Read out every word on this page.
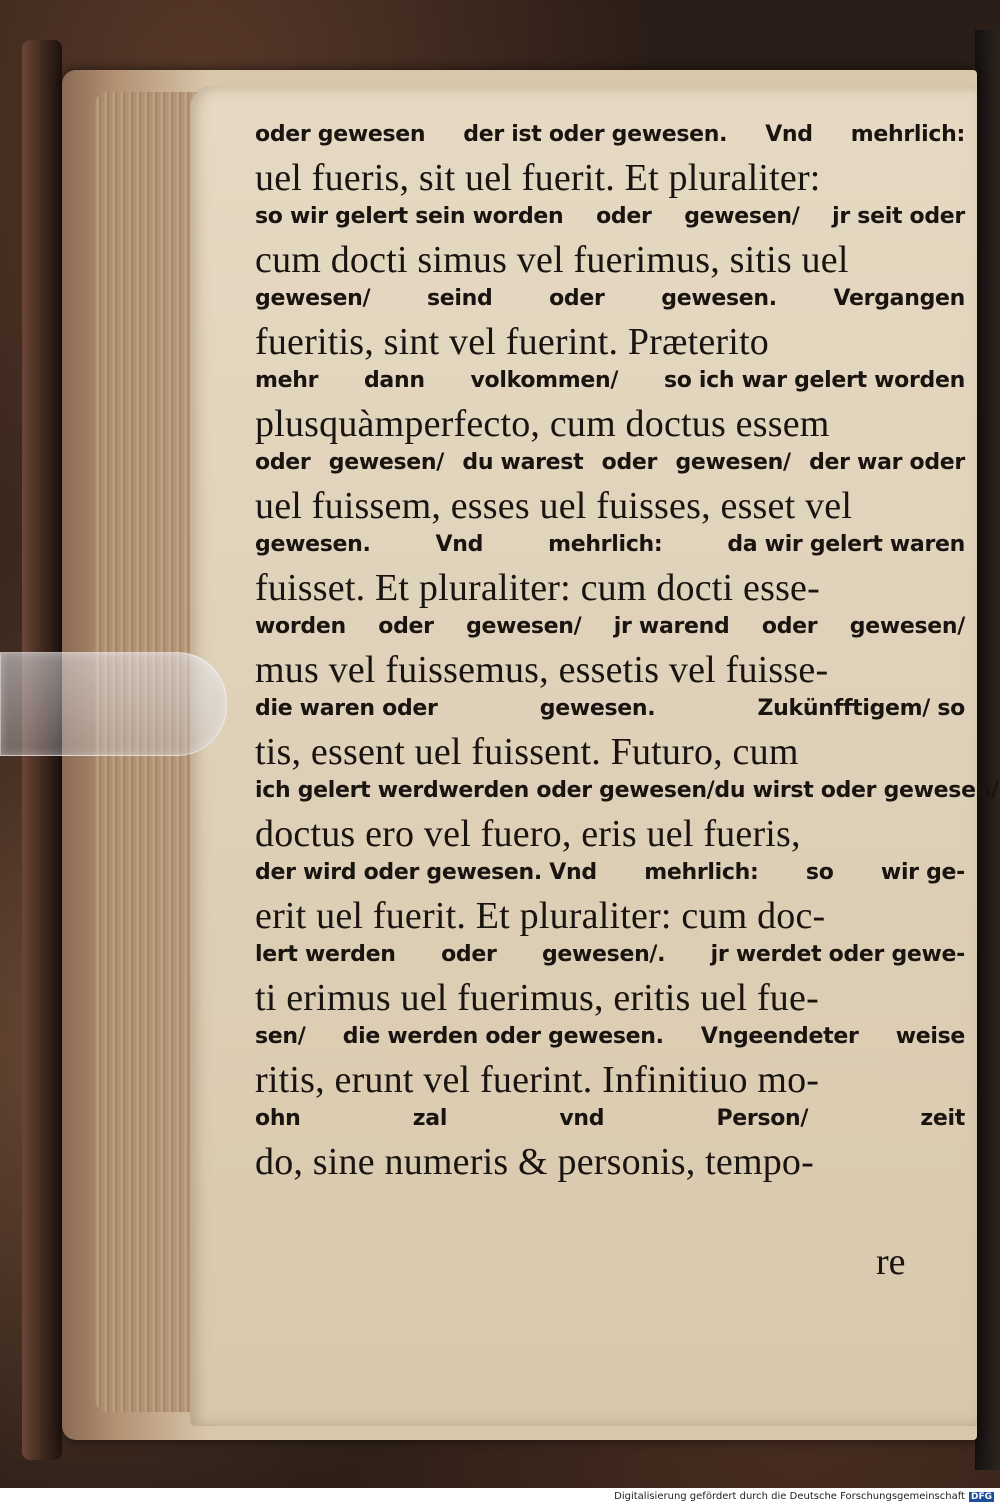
oder gewesen der ist oder gewesen. Vnd mehrlich:
uel fueris, sit uel fuerit. Et pluraliter:
so wir gelert sein worden oder gewesen/ jr seit oder
cum docti simus vel fuerimus, sitis uel
gewesen/	seind	oder	gewesen.	Vergangen
fueritis, sint vel fuerint. Præterito
mehr dann volkommen/ so ich war gelert worden
plusquàmperfecto, cum doctus essem
oder gewesen/ du warest oder gewesen/ der war oder
uel fuissem, esses uel fuisses, esset vel
gewesen.	Vnd	mehrlich:	da wir gelert waren
fuisset. Et pluraliter: cum docti esse-
worden oder gewesen/ jr warend oder gewesen/
mus vel fuissemus, essetis vel fuisse-
die waren oder	gewesen.	Zukünfftigem/ so
tis, essent uel fuissent. Futuro, cum
ich gelert werd werden oder gewesen/ du wirst oder gewesen/
doctus ero vel fuero, eris uel fueris,
der wird oder gewesen. Vnd mehrlich: so wir ge-
erit uel fuerit. Et pluraliter: cum doc-
lert werden oder gewesen/. jr werdet oder gewe-
ti erimus uel fuerimus, eritis uel fue-
sen/ die werden oder gewesen. Vngeendeter weise
ritis, erunt vel fuerint. Infinitiuo mo-
ohn	zal	vnd	Person/	zeit
do, sine numeris & personis, tempo-
re
Digitalisierung gefördert durch die Deutsche Forschungsgemeinschaft DFG
